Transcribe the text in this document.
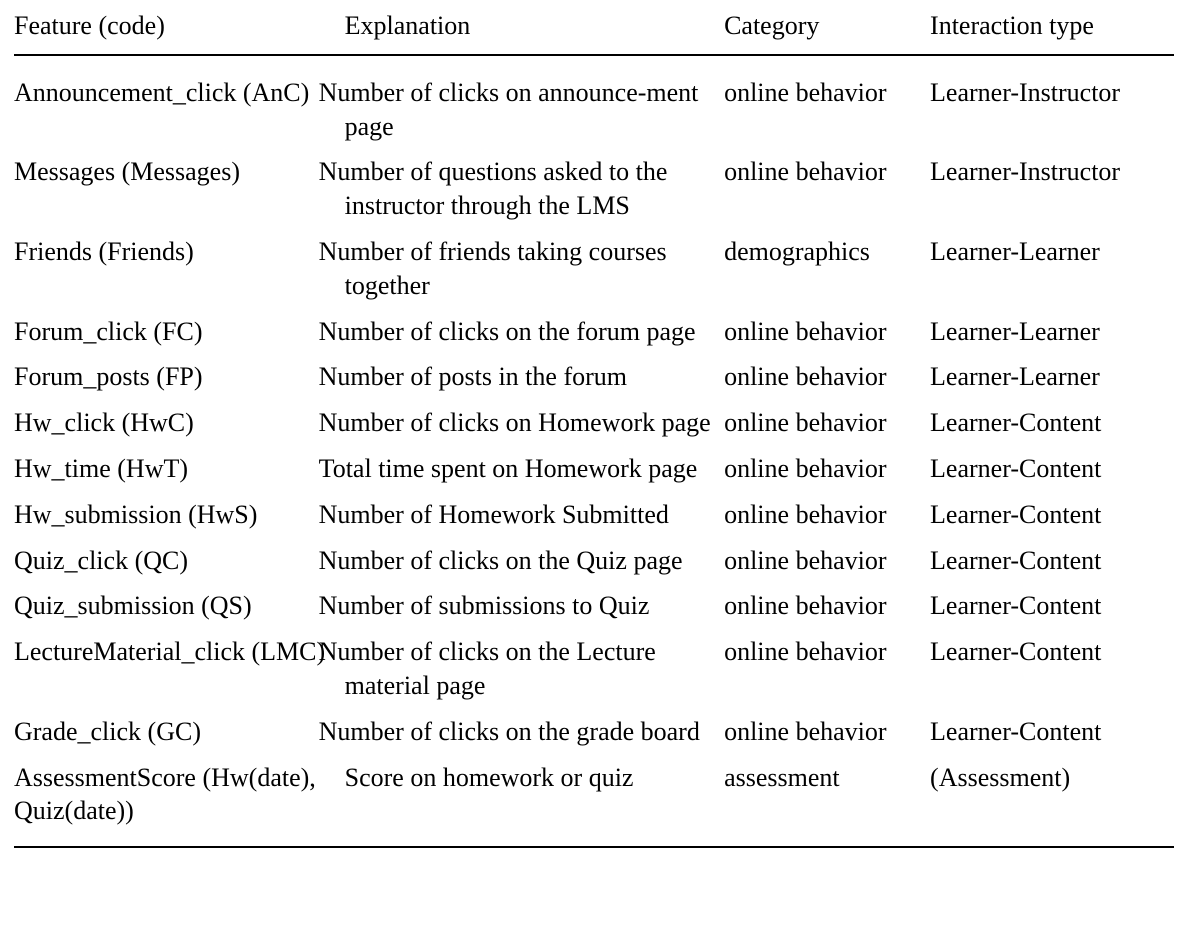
Feature (code)	Explanation	Category	Interaction type
Announcement_click (AnC)	Number of clicks on announce‐ment page	online behavior	Learner-Instructor
Messages (Messages)	Number of questions asked to the instructor through the LMS	online behavior	Learner-Instructor
Friends (Friends)	Number of friends taking courses together	demographics	Learner-Learner
Forum_click (FC)	Number of clicks on the forum page	online behavior	Learner-Learner
Forum_posts (FP)	Number of posts in the forum	online behavior	Learner-Learner
Hw_click (HwC)	Number of clicks on Homework page	online behavior	Learner-Content
Hw_time (HwT)	Total time spent on Homework page	online behavior	Learner-Content
Hw_submission (HwS)	Number of Homework Submitted	online behavior	Learner-Content
Quiz_click (QC)	Number of clicks on the Quiz page	online behavior	Learner-Content
Quiz_submission (QS)	Number of submissions to Quiz	online behavior	Learner-Content
LectureMaterial_click (LMC)	Number of clicks on the Lecture material page	online behavior	Learner-Content
Grade_click (GC)	Number of clicks on the grade board	online behavior	Learner-Content
AssessmentScore (Hw(date), Quiz(date))	Score on homework or quiz	assessment	(Assessment)
